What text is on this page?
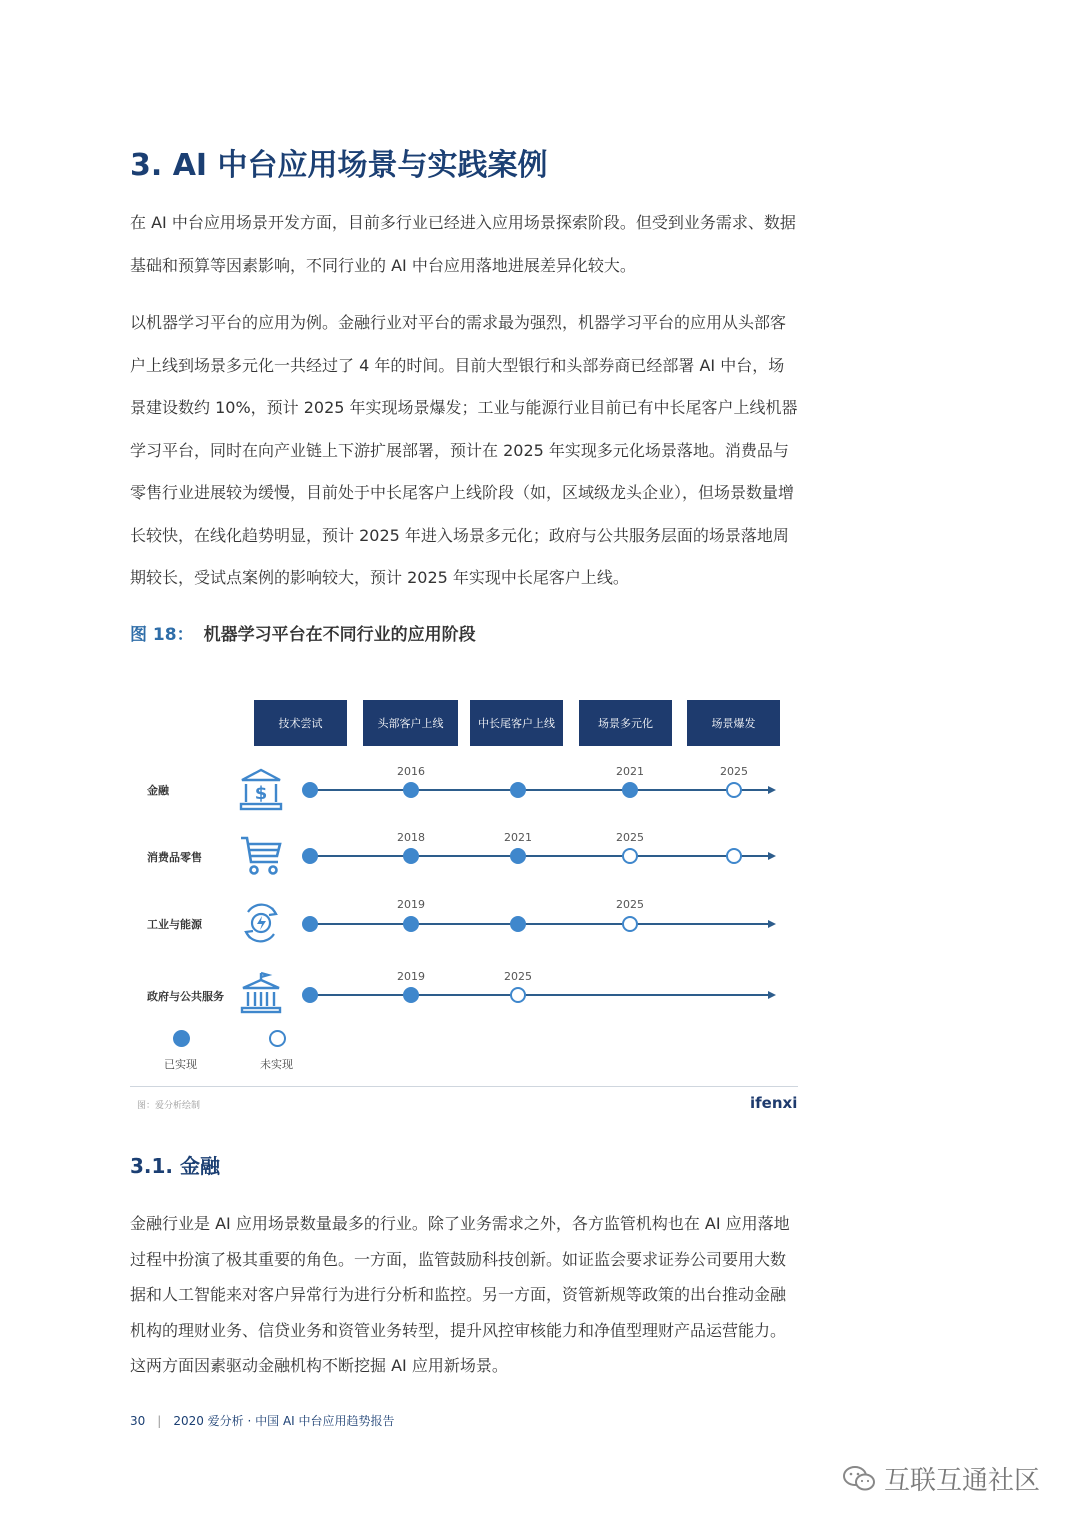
3. AI 中台应用场景与实践案例
在 AI 中台应用场景开发方面，目前多行业已经进入应用场景探索阶段。但受到业务需求、数据基础和预算等因素影响，不同行业的 AI 中台应用落地进展差异化较大。
以机器学习平台的应用为例。金融行业对平台的需求最为强烈，机器学习平台的应用从头部客户上线到场景多元化一共经过了 4 年的时间。目前大型银行和头部券商已经部署 AI 中台，场景建设数约 10%，预计 2025 年实现场景爆发；工业与能源行业目前已有中长尾客户上线机器学习平台，同时在向产业链上下游扩展部署，预计在 2025 年实现多元化场景落地。消费品与零售行业进展较为缓慢，目前处于中长尾客户上线阶段（如，区域级龙头企业），但场景数量增长较快，在线化趋势明显，预计 2025 年进入场景多元化；政府与公共服务层面的场景落地周期较长，受试点案例的影响较大，预计 2025 年实现中长尾客户上线。
图 18： 机器学习平台在不同行业的应用阶段
技术尝试	头部客户上线	中长尾客户上线	场景多元化	场景爆发
金融
消费品零售
工业与能源
政府与公共服务
$
2016	2021	2025
2018	2021	2025
2019	2025
2019	2025
已实现	未实现
图：爱分析绘制	ifenxi
3.1. 金融
金融行业是 AI 应用场景数量最多的行业。除了业务需求之外，各方监管机构也在 AI 应用落地过程中扮演了极其重要的角色。一方面，监管鼓励科技创新。如证监会要求证券公司要用大数据和人工智能来对客户异常行为进行分析和监控。另一方面，资管新规等政策的出台推动金融机构的理财业务、信贷业务和资管业务转型，提升风控审核能力和净值型理财产品运营能力。这两方面因素驱动金融机构不断挖掘 AI 应用新场景。
30 | 2020 爱分析 · 中国 AI 中台应用趋势报告
互联互通社区
